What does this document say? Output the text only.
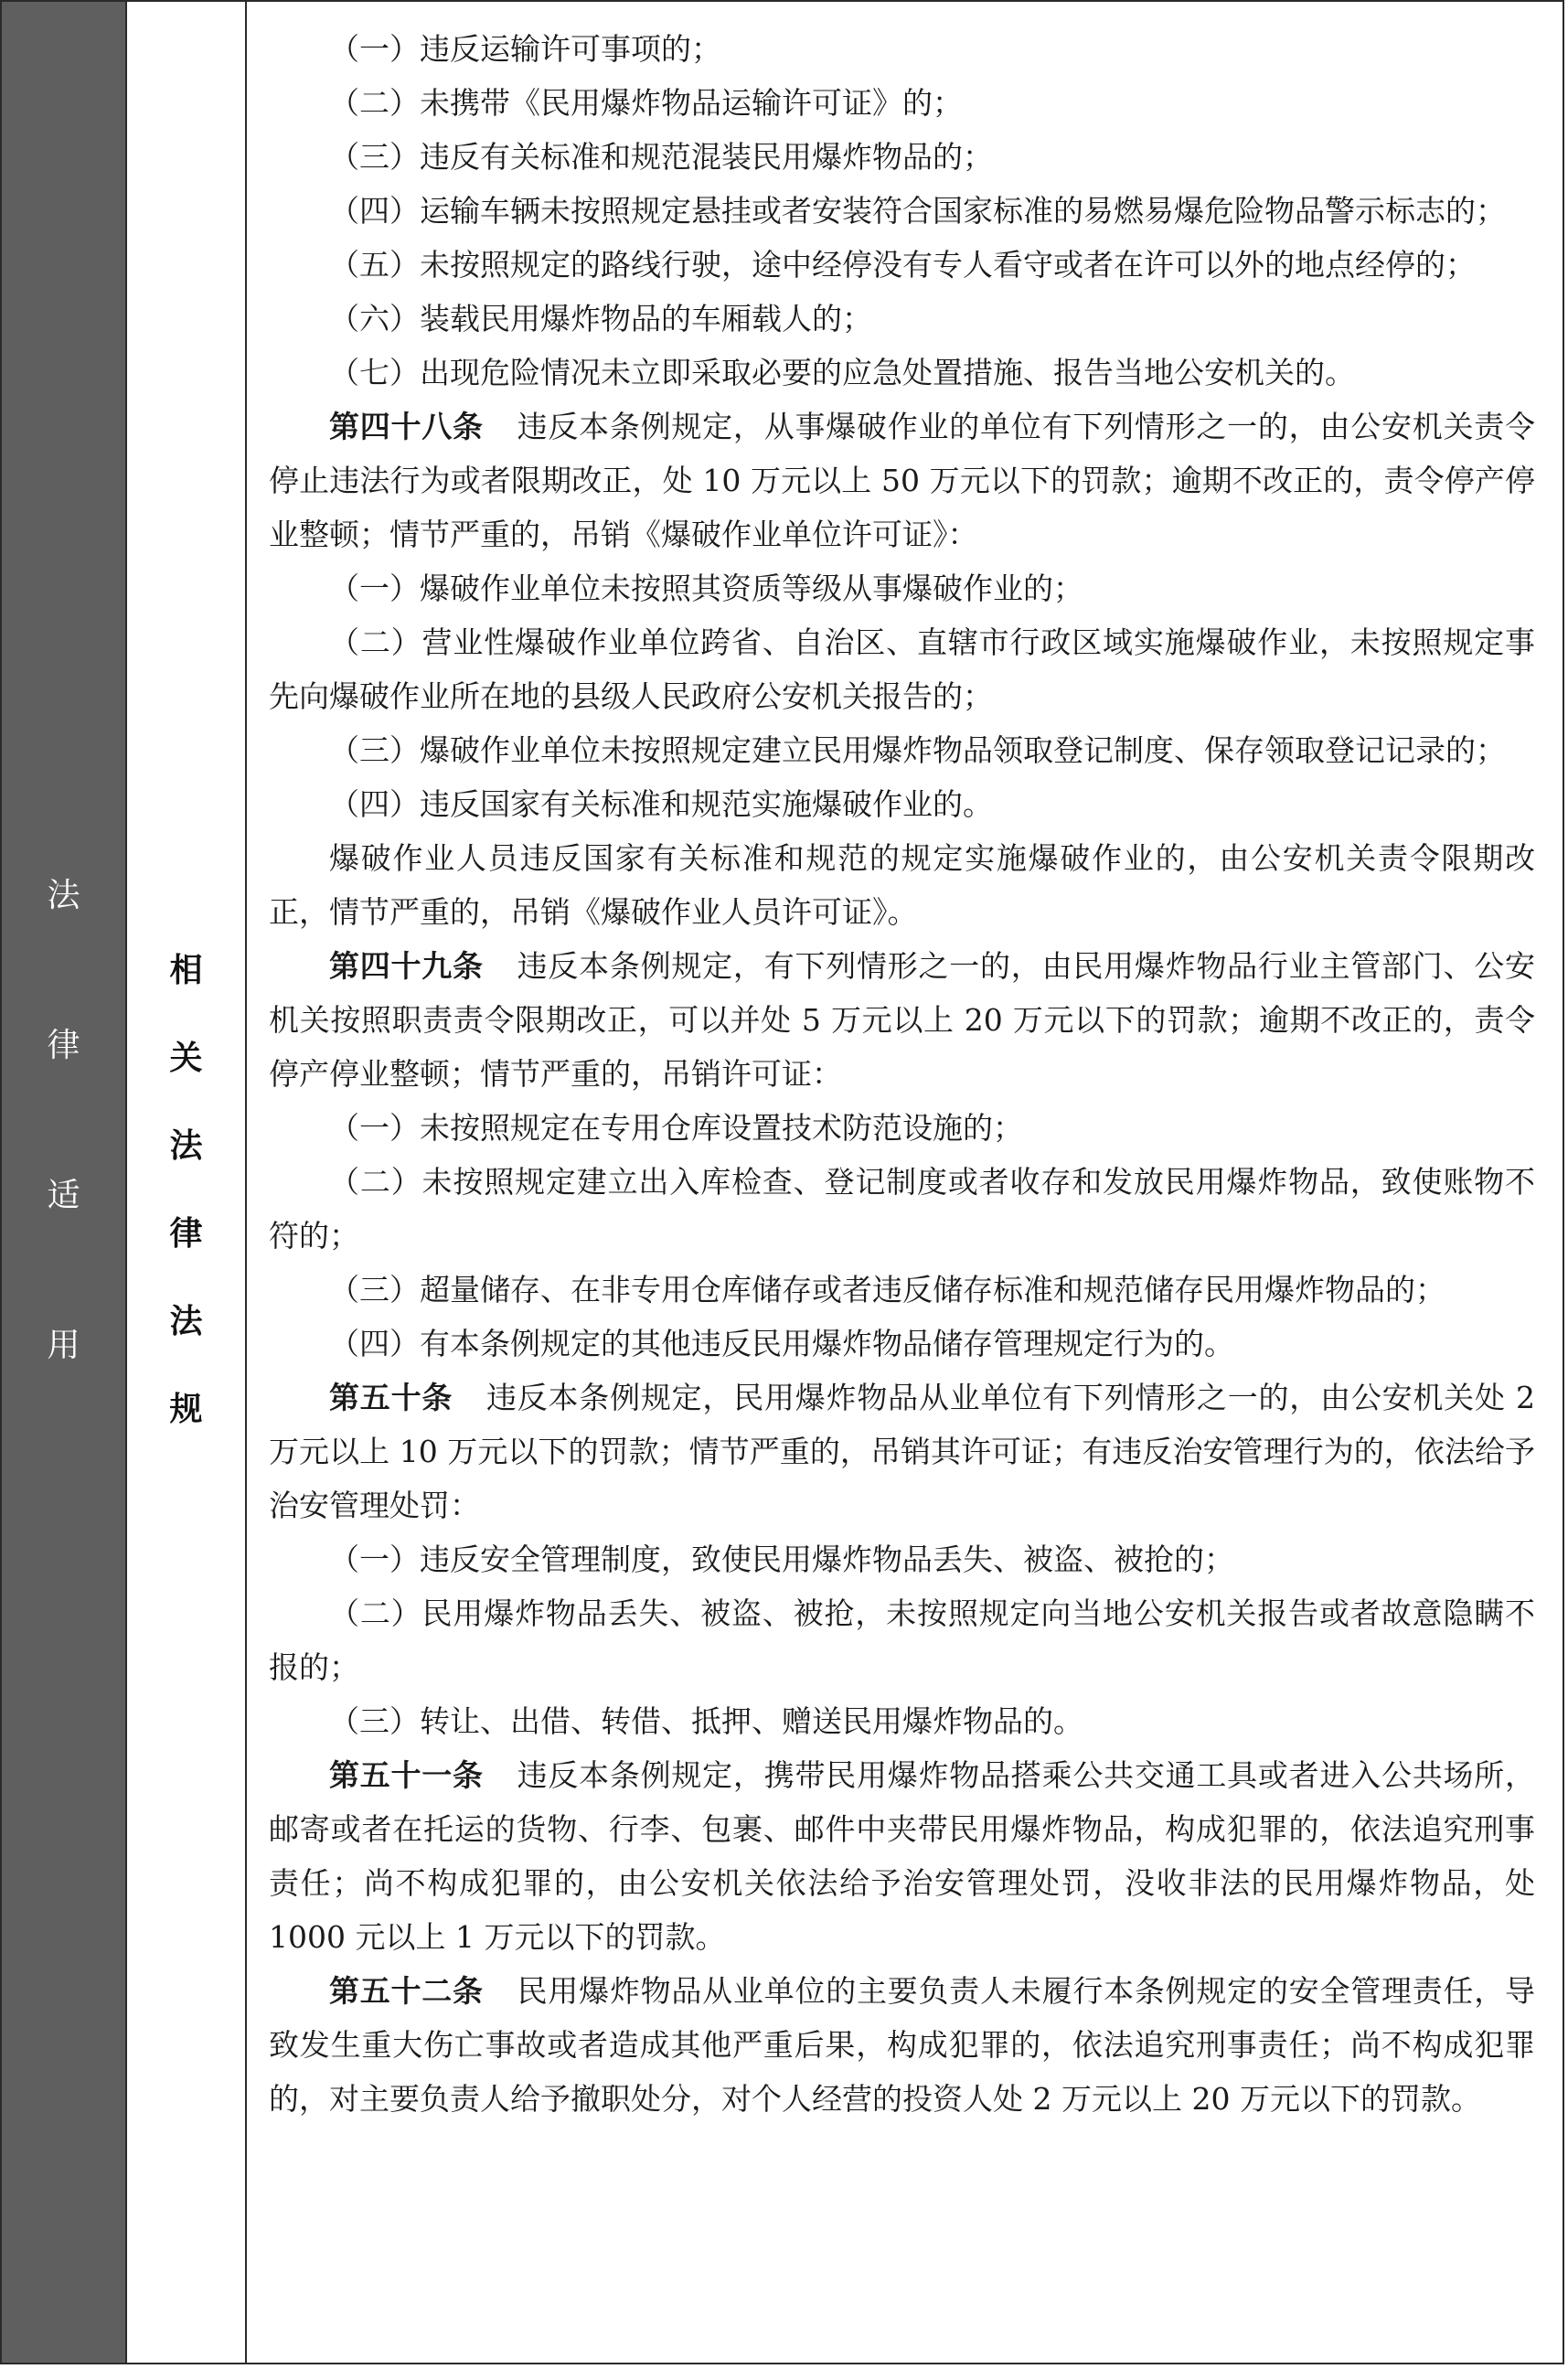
法
律
适
用
相
关
法
律
法
规

（一）违反运输许可事项的；

（二）未携带《民用爆炸物品运输许可证》的；

（三）违反有关标准和规范混装民用爆炸物品的；

（四）运输车辆未按照规定悬挂或者安装符合国家标准的易燃易爆危险物品警示标志的；

（五）未按照规定的路线行驶，途中经停没有专人看守或者在许可以外的地点经停的；

（六）装载民用爆炸物品的车厢载人的；

（七）出现危险情况未立即采取必要的应急处置措施、报告当地公安机关的。

第四十八条 违反本条例规定，从事爆破作业的单位有下列情形之一的，由公安机关责令停止违法行为或者限期改正，处 10 万元以上 50 万元以下的罚款；逾期不改正的，责令停产停业整顿；情节严重的，吊销《爆破作业单位许可证》：

（一）爆破作业单位未按照其资质等级从事爆破作业的；

（二）营业性爆破作业单位跨省、自治区、直辖市行政区域实施爆破作业，未按照规定事先向爆破作业所在地的县级人民政府公安机关报告的；

（三）爆破作业单位未按照规定建立民用爆炸物品领取登记制度、保存领取登记记录的；

（四）违反国家有关标准和规范实施爆破作业的。

爆破作业人员违反国家有关标准和规范的规定实施爆破作业的，由公安机关责令限期改正，情节严重的，吊销《爆破作业人员许可证》。

第四十九条 违反本条例规定，有下列情形之一的，由民用爆炸物品行业主管部门、公安机关按照职责责令限期改正，可以并处 5 万元以上 20 万元以下的罚款；逾期不改正的，责令停产停业整顿；情节严重的，吊销许可证：

（一）未按照规定在专用仓库设置技术防范设施的；

（二）未按照规定建立出入库检查、登记制度或者收存和发放民用爆炸物品，致使账物不符的；

（三）超量储存、在非专用仓库储存或者违反储存标准和规范储存民用爆炸物品的；

（四）有本条例规定的其他违反民用爆炸物品储存管理规定行为的。

第五十条 违反本条例规定，民用爆炸物品从业单位有下列情形之一的，由公安机关处 2 万元以上 10 万元以下的罚款；情节严重的，吊销其许可证；有违反治安管理行为的，依法给予治安管理处罚：

（一）违反安全管理制度，致使民用爆炸物品丢失、被盗、被抢的；

（二）民用爆炸物品丢失、被盗、被抢，未按照规定向当地公安机关报告或者故意隐瞒不报的；

（三）转让、出借、转借、抵押、赠送民用爆炸物品的。

第五十一条 违反本条例规定，携带民用爆炸物品搭乘公共交通工具或者进入公共场所，邮寄或者在托运的货物、行李、包裹、邮件中夹带民用爆炸物品，构成犯罪的，依法追究刑事责任；尚不构成犯罪的，由公安机关依法给予治安管理处罚，没收非法的民用爆炸物品，处 1000 元以上 1 万元以下的罚款。

第五十二条 民用爆炸物品从业单位的主要负责人未履行本条例规定的安全管理责任，导致发生重大伤亡事故或者造成其他严重后果，构成犯罪的，依法追究刑事责任；尚不构成犯罪的，对主要负责人给予撤职处分，对个人经营的投资人处 2 万元以上 20 万元以下的罚款。
